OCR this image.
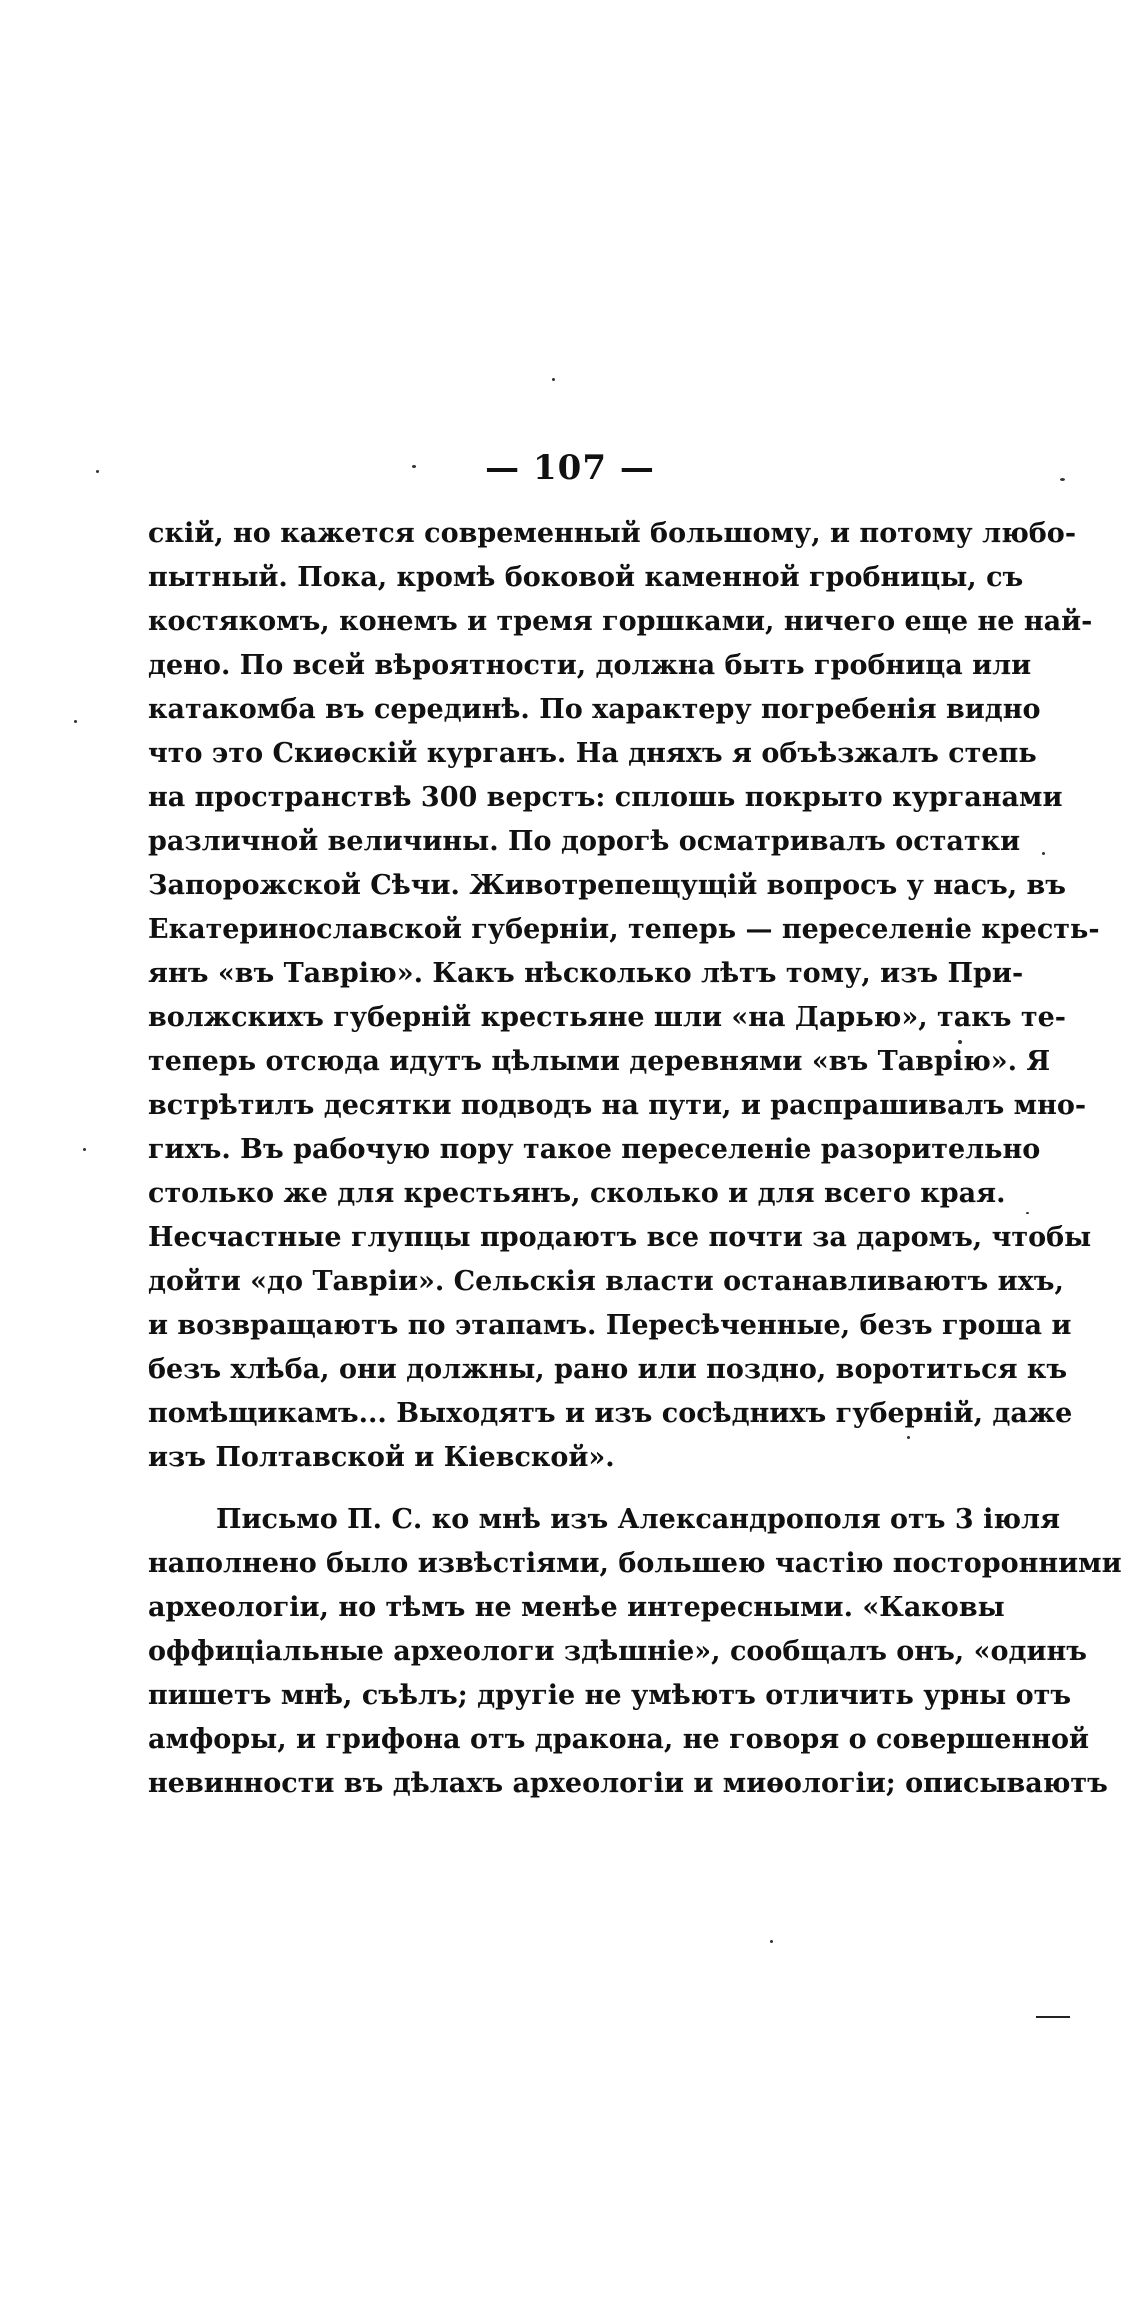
— 107 —
скій, но кажется современный большому, и потому любо-
пытный. Пока, кромѣ боковой каменной гробницы, съ
костякомъ, конемъ и тремя горшками, ничего еще не най-
дено. По всей вѣроятности, должна быть гробница или
катакомба въ серединѣ. По характеру погребенія видно
что это Скиѳскій курганъ. На дняхъ я объѣзжалъ степь
на пространствѣ 300 верстъ: сплошь покрыто курганами
различной величины. По дорогѣ осматривалъ остатки
Запорожской Сѣчи. Животрепещущій вопросъ у насъ, въ
Екатеринославской губерніи, теперь — переселеніе кресть-
янъ «въ Таврію». Какъ нѣсколько лѣтъ тому, изъ При-
волжскихъ губерній крестьяне шли «на Дарью», такъ те-
теперь отсюда идутъ цѣлыми деревнями «въ Таврію». Я
встрѣтилъ десятки подводъ на пути, и распрашивалъ мно-
гихъ. Въ рабочую пору такое переселеніе разорительно
столько же для крестьянъ, сколько и для всего края.
Несчастные глупцы продаютъ все почти за даромъ, чтобы
дойти «до Тавріи». Сельскія власти останавливаютъ ихъ,
и возвращаютъ по этапамъ. Пересѣченные, безъ гроша и
безъ хлѣба, они должны, рано или поздно, воротиться къ
помѣщикамъ... Выходятъ и изъ сосѣднихъ губерній, даже
изъ Полтавской и Кіевской».
Письмо П. С. ко мнѣ изъ Александрополя отъ 3 іюля
наполнено было извѣстіями, большею частію посторонними
археологіи, но тѣмъ не менѣе интересными. «Каковы
оффиціальные археологи здѣшніе», сообщалъ онъ, «одинъ
пишетъ мнѣ, съѣлъ; другіе не умѣютъ отличить урны отъ
амфоры, и грифона отъ дракона, не говоря о совершенной
невинности въ дѣлахъ археологіи и миѳологіи; описываютъ
